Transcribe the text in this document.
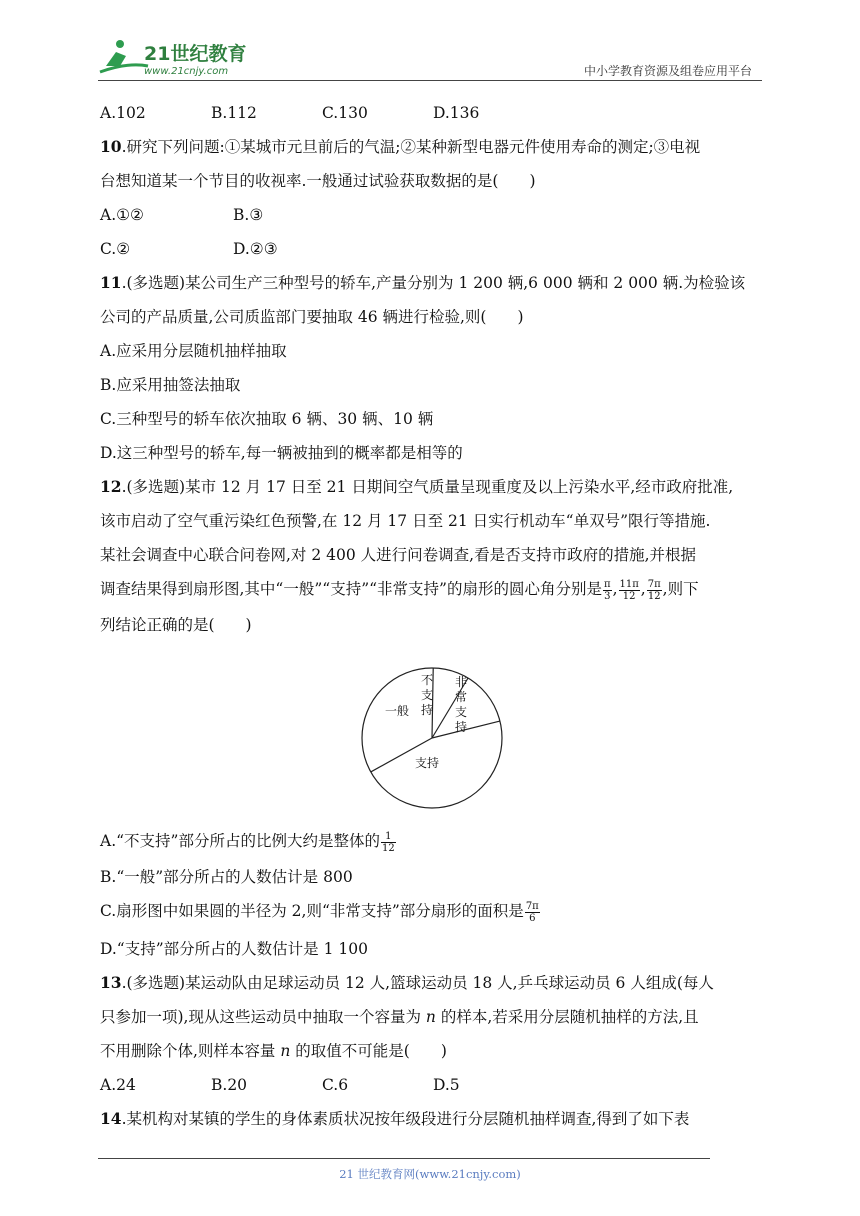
21世纪教育
www.21cnjy.com	中小学教育资源及组卷应用平台
A.102	B.112	C.130	D.136
10.研究下列问题:①某城市元旦前后的气温;②某种新型电器元件使用寿命的测定;③电视
台想知道某一个节目的收视率.一般通过试验获取数据的是(　　)
A.①②	B.③
C.②	D.②③
11.(多选题)某公司生产三种型号的轿车,产量分别为 1 200 辆,6 000 辆和 2 000 辆.为检验该
公司的产品质量,公司质监部门要抽取 46 辆进行检验,则(　　)
A.应采用分层随机抽样抽取
B.应采用抽签法抽取
C.三种型号的轿车依次抽取 6 辆、30 辆、10 辆
D.这三种型号的轿车,每一辆被抽到的概率都是相等的
12.(多选题)某市 12 月 17 日至 21 日期间空气质量呈现重度及以上污染水平,经市政府批准,
该市启动了空气重污染红色预警,在 12 月 17 日至 21 日实行机动车“单双号”限行等措施.
某社会调查中心联合问卷网,对 2 400 人进行问卷调查,看是否支持市政府的措施,并根据
调查结果得到扇形图,其中“一般”“支持”“非常支持”的扇形的圆心角分别是 $\frac{\pi}{3}$ , $\frac{11\pi}{12}$ , $\frac{7\pi}{12}$ ,则下
列结论正确的是(　　)
A.“不支持”部分所占的比例大约是整体的 $\frac{1}{12}$
B.“一般”部分所占的人数估计是 800
C.扇形图中如果圆的半径为 2,则“非常支持”部分扇形的面积是 $\frac{7\pi}{6}$
D.“支持”部分所占的人数估计是 1 100
13.(多选题)某运动队由足球运动员 12 人,篮球运动员 18 人,乒乓球运动员 6 人组成(每人
只参加一项),现从这些运动员中抽取一个容量为 n 的样本,若采用分层随机抽样的方法,且
不用删除个体,则样本容量 n 的取值不可能是(　　)
A.24	B.20	C.6	D.5
14.某机构对某镇的学生的身体素质状况按年级段进行分层随机抽样调查,得到了如下表
不
支
持
非
常
支
持
一般
支持
21 世纪教育网(www.21cnjy.com)
